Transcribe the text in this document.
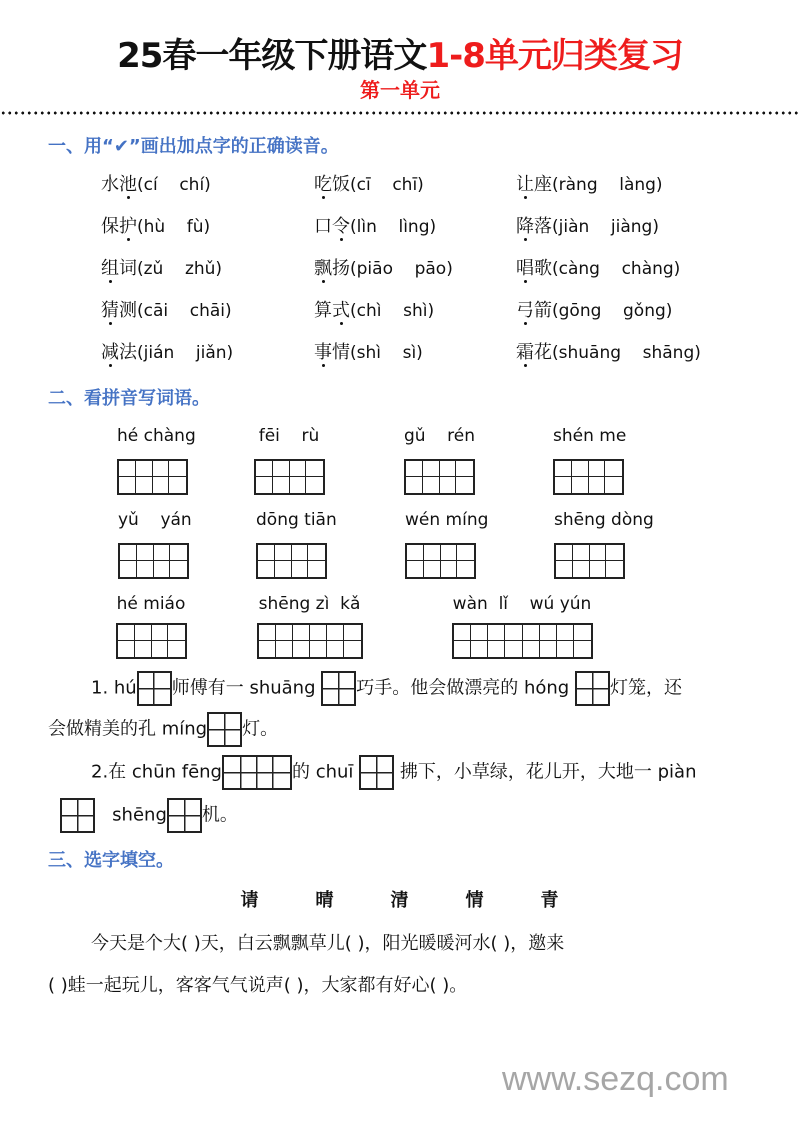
25春一年级下册语文1-8单元归类复习
第一单元
一、用“✔”画出加点字的正确读音。
水池(cí    chí)	吃饭(cī    chī)	让座(ràng    làng)
保护(hù    fù)	口令(lìn    lìng)	降落(jiàn    jiàng)
组词(zǔ    zhǔ)	飘扬(piāo    pāo)	唱歌(càng    chàng)
猜测(cāi    chāi)	算式(chì    shì)	弓箭(gōng    gǒng)
减法(jián    jiǎn)	事情(shì    sì)	霜花(shuāng    shāng)
二、看拼音写词语。
hé chàng	fēi    rù	gǔ    rén	shén me
yǔ    yán	dōng tiān	wén míng	shēng dòng
hé miáo	shēng zì  kǎ	wàn  lǐ    wú yún
1. hú 师傅有一 shuāng 巧手。他会做漂亮的 hóng 灯笼，还
会做精美的孔 míng 灯。
2.在 chūn fēng	的 chuī	拂下，小草绿，花儿开，大地一 piàn
shēng 机。
三、选字填空。
请	晴	清	情	青
今天是个大( )天，白云飘飘草儿( )，阳光暖暖河水( )，邀来
( )蛙一起玩儿，客客气气说声( )，大家都有好心( )。
www.sezq.com
